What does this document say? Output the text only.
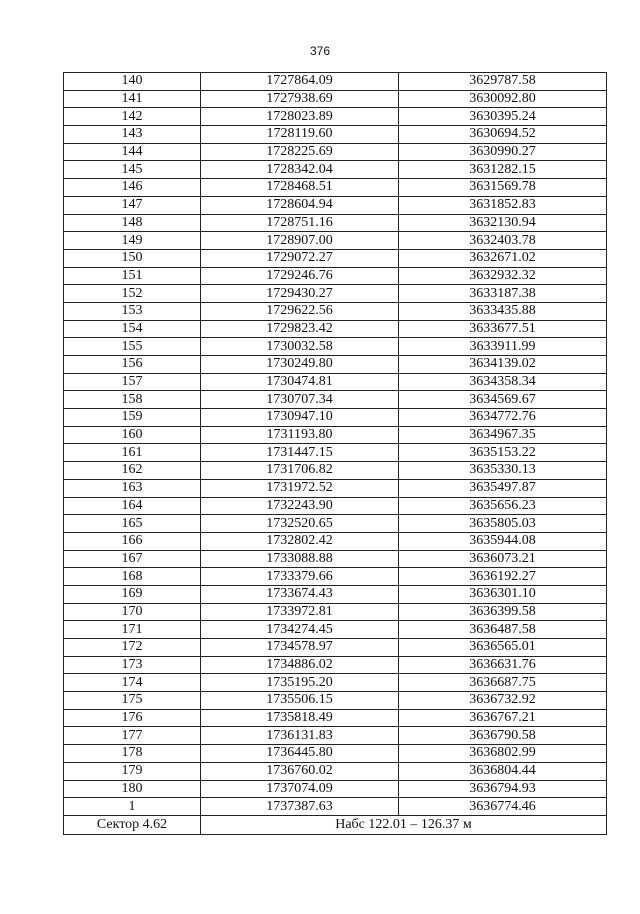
376
140	1727864.09	3629787.58
141	1727938.69	3630092.80
142	1728023.89	3630395.24
143	1728119.60	3630694.52
144	1728225.69	3630990.27
145	1728342.04	3631282.15
146	1728468.51	3631569.78
147	1728604.94	3631852.83
148	1728751.16	3632130.94
149	1728907.00	3632403.78
150	1729072.27	3632671.02
151	1729246.76	3632932.32
152	1729430.27	3633187.38
153	1729622.56	3633435.88
154	1729823.42	3633677.51
155	1730032.58	3633911.99
156	1730249.80	3634139.02
157	1730474.81	3634358.34
158	1730707.34	3634569.67
159	1730947.10	3634772.76
160	1731193.80	3634967.35
161	1731447.15	3635153.22
162	1731706.82	3635330.13
163	1731972.52	3635497.87
164	1732243.90	3635656.23
165	1732520.65	3635805.03
166	1732802.42	3635944.08
167	1733088.88	3636073.21
168	1733379.66	3636192.27
169	1733674.43	3636301.10
170	1733972.81	3636399.58
171	1734274.45	3636487.58
172	1734578.97	3636565.01
173	1734886.02	3636631.76
174	1735195.20	3636687.75
175	1735506.15	3636732.92
176	1735818.49	3636767.21
177	1736131.83	3636790.58
178	1736445.80	3636802.99
179	1736760.02	3636804.44
180	1737074.09	3636794.93
1	1737387.63	3636774.46
Сектор 4.62	Набс 122.01 – 126.37 м	
